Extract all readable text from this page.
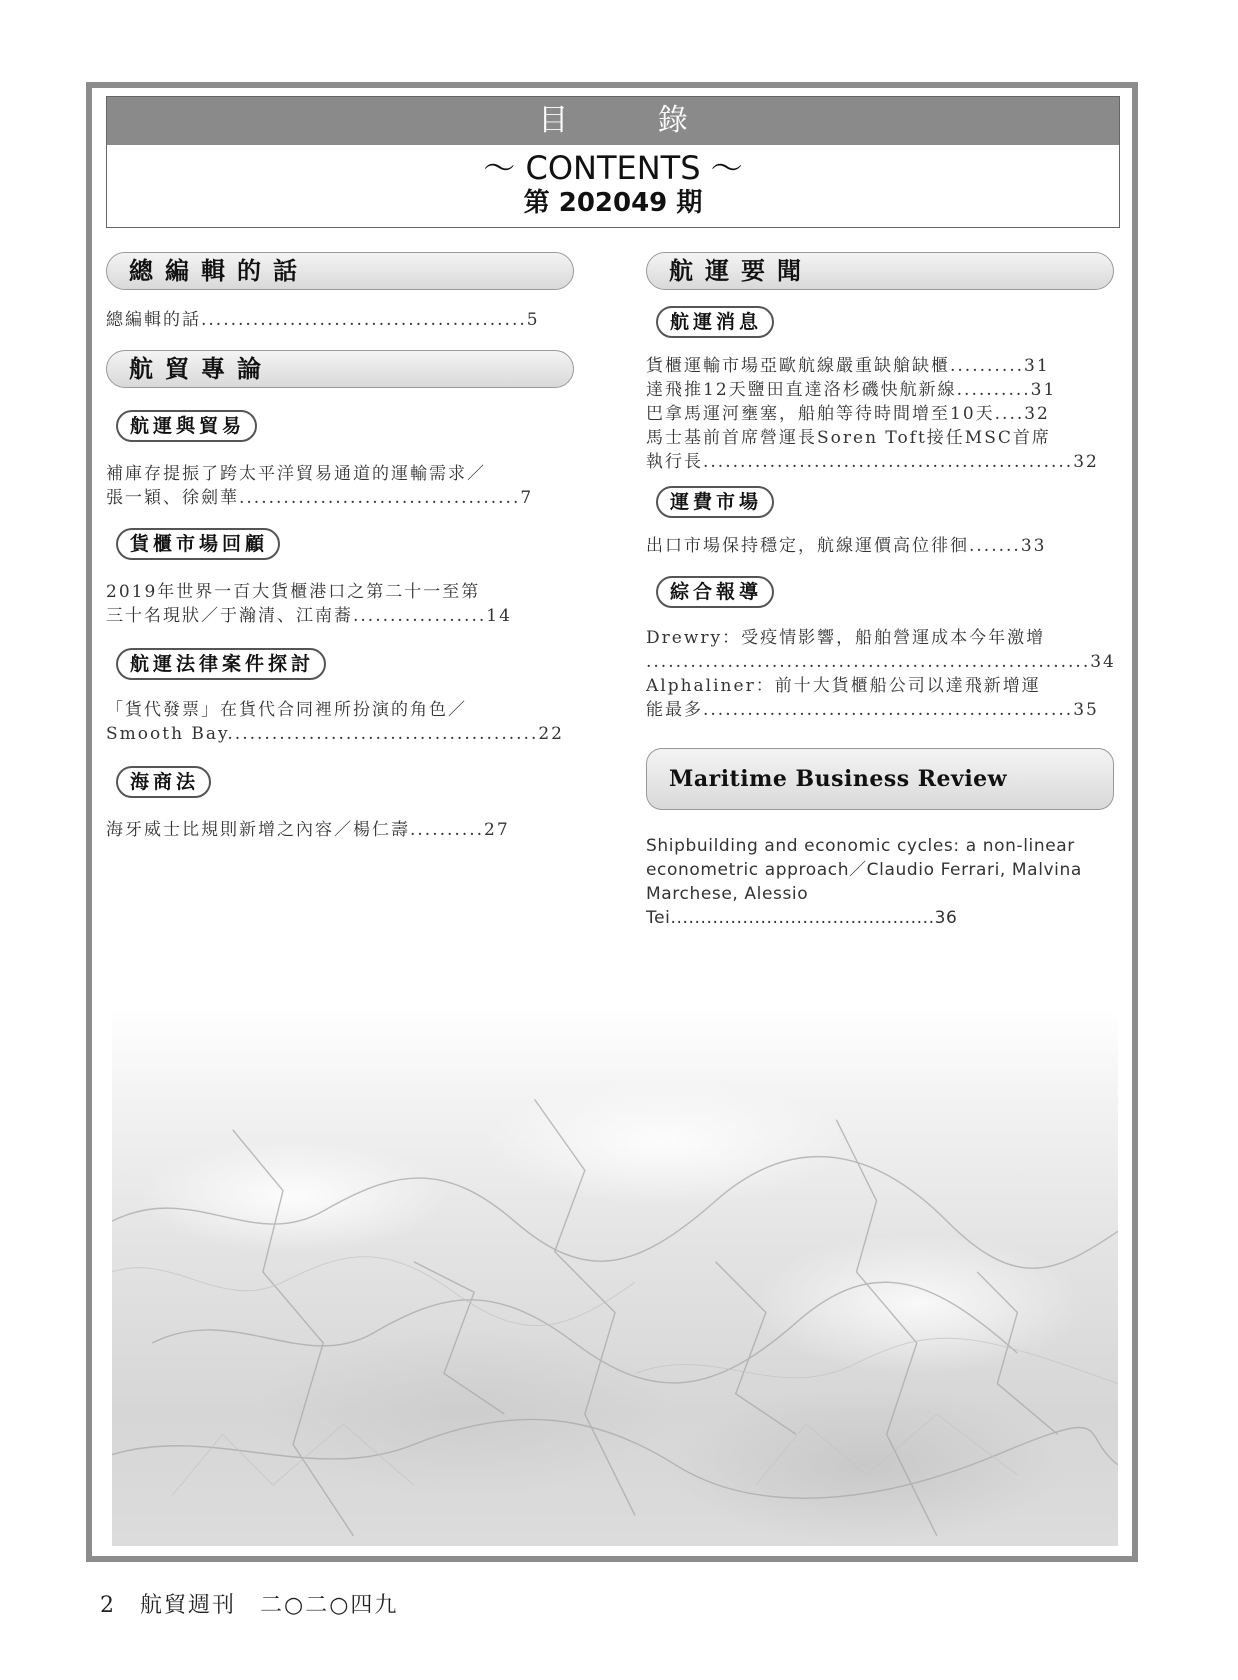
目 錄
～ CONTENTS ～
第 202049 期
總編輯的話

總編輯的話............................................5

航貿專論
航運與貿易

補庫存提振了跨太平洋貿易通道的運輸需求／

張一穎、徐劍華......................................7

貨櫃市場回顧

2019年世界一百大貨櫃港口之第二十一至第

三十名現狀／于瀚清、江南蕎..................14

航運法律案件探討

「貨代發票」在貨代合同裡所扮演的角色／

Smooth Bay..........................................22

海商法

海牙威士比規則新增之內容／楊仁壽..........27

航運要聞
航運消息

貨櫃運輸市場亞歐航線嚴重缺艙缺櫃..........31

達飛推12天鹽田直達洛杉磯快航新線..........31

巴拿馬運河壅塞，船舶等待時間增至10天....32

馬士基前首席營運長Soren Toft接任MSC首席

執行長..................................................32

運費市場

出口市場保持穩定，航線運價高位徘徊.......33

綜合報導

Drewry：受疫情影響，船舶營運成本今年激增

............................................................34

Alphaliner：前十大貨櫃船公司以達飛新增運

能最多..................................................35

Maritime Business Review

Shipbuilding and economic cycles: a non-linear

econometric approach／Claudio Ferrari, Malvina

Marchese, Alessio Tei............................................36

2　航貿週刊　二○二○四九
